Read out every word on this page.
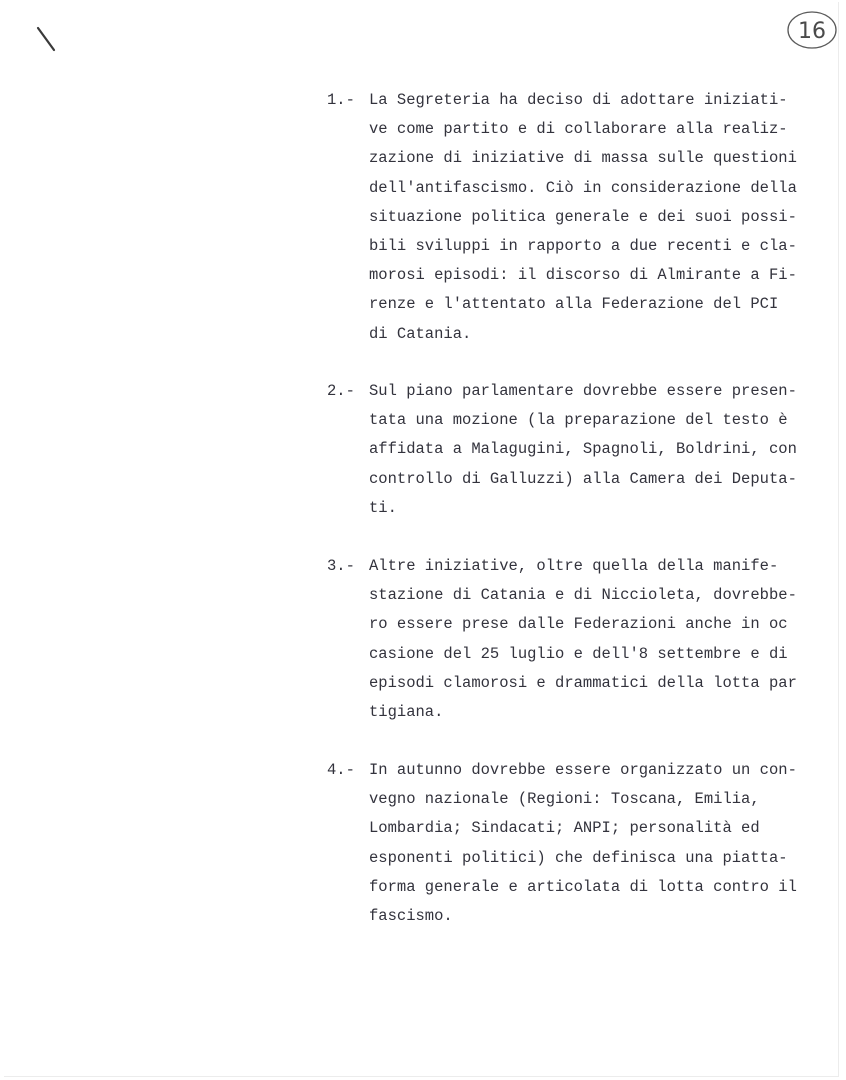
16
1.- La Segreteria ha deciso di adottare iniziati-
ve come partito e di collaborare alla realiz-
zazione di iniziative di massa sulle questioni
dell'antifascismo. Ciò in considerazione della
situazione politica generale e dei suoi possi-
bili sviluppi in rapporto a due recenti e cla-
morosi episodi: il discorso di Almirante a Fi-
renze e l'attentato alla Federazione del PCI
di Catania.
2.- Sul piano parlamentare dovrebbe essere presen-
tata una mozione (la preparazione del testo è
affidata a Malagugini, Spagnoli, Boldrini, con
controllo di Galluzzi) alla Camera dei Deputa-
ti.
3.- Altre iniziative, oltre quella della manife-
stazione di Catania e di Niccioleta, dovrebbe-
ro essere prese dalle Federazioni anche in oc
casione del 25 luglio e dell'8 settembre e di
episodi clamorosi e drammatici della lotta par
tigiana.
4.- In autunno dovrebbe essere organizzato un con-
vegno nazionale (Regioni: Toscana, Emilia,
Lombardia; Sindacati; ANPI; personalità ed
esponenti politici) che definisca una piatta-
forma generale e articolata di lotta contro il
fascismo.
